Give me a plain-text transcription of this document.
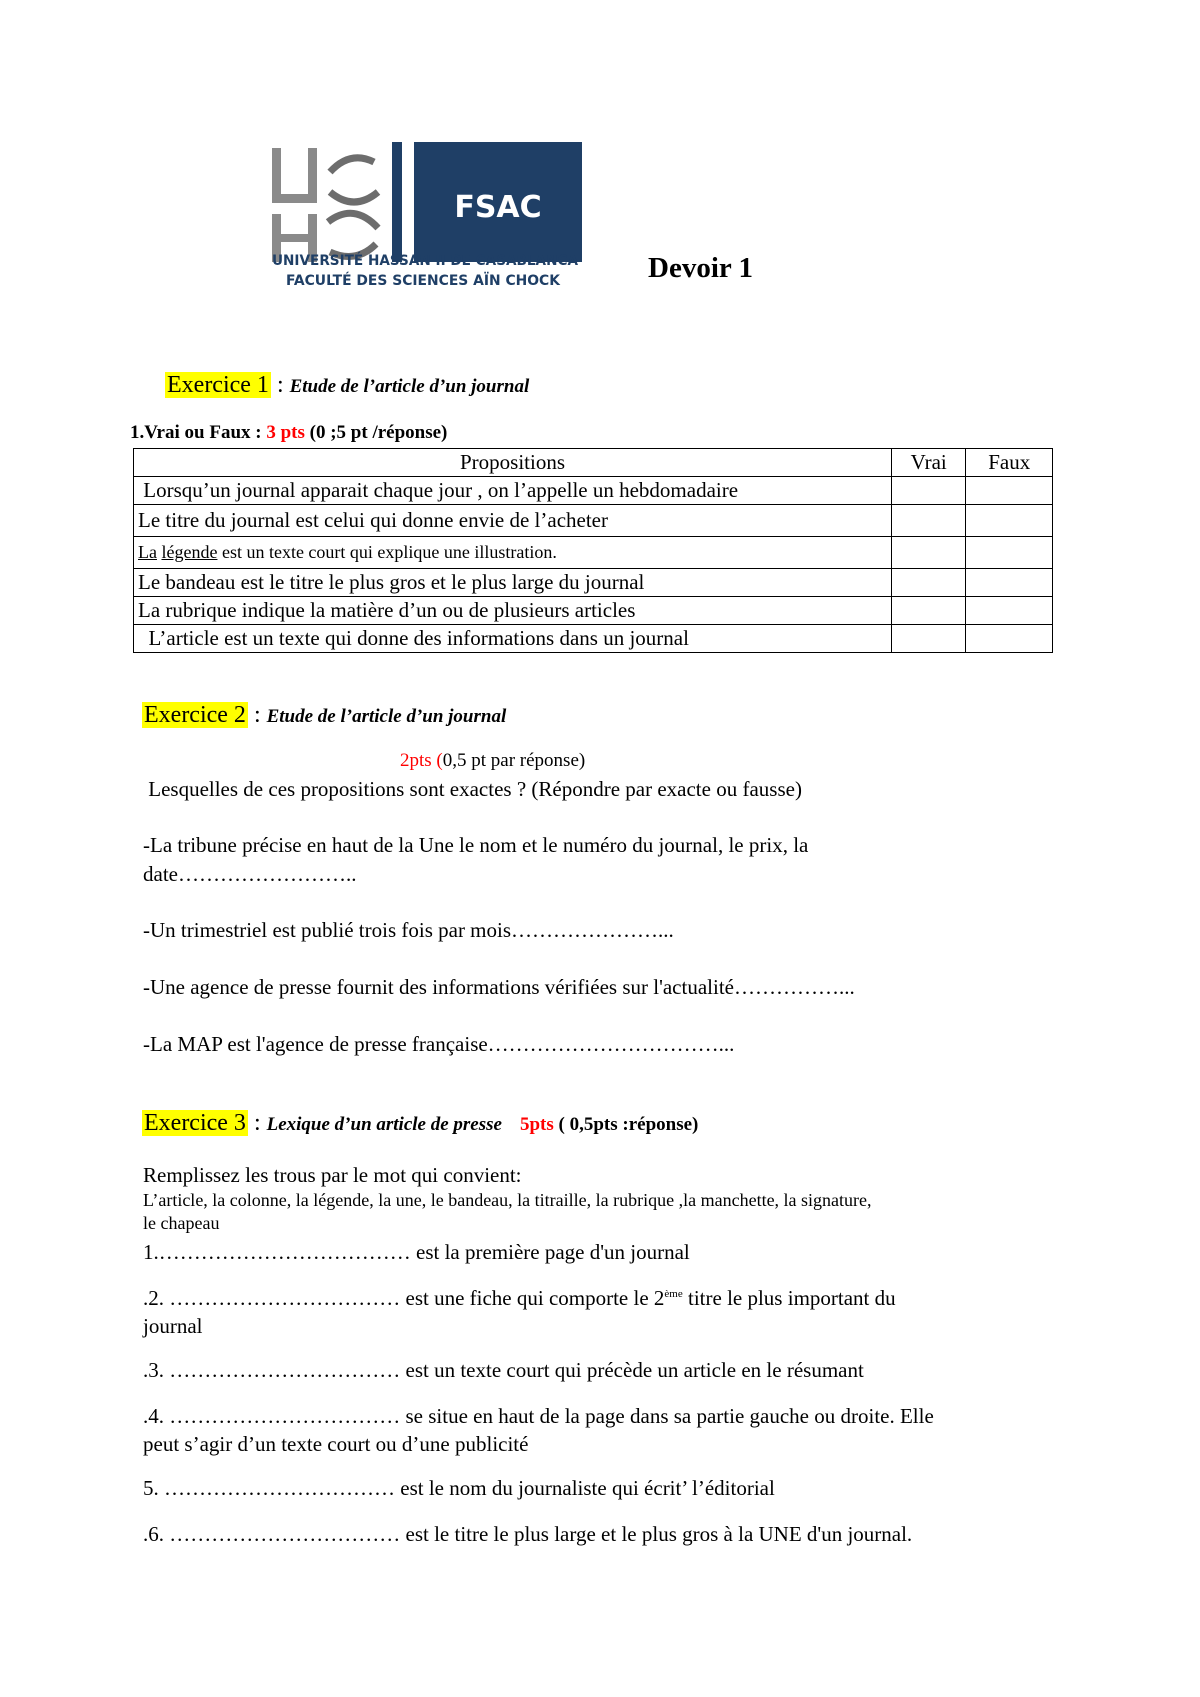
FSAC
UNIVERSITÉ HASSAN II DE CASABLANCA
FACULTÉ DES SCIENCES AÏN CHOCK	Devoir 1
Exercice 1 : Etude de l’article d’un journal
1.Vrai ou Faux : 3 pts (0 ;5 pt /réponse)
Propositions	Vrai	Faux
Lorsqu’un journal apparait chaque jour , on l’appelle un hebdomadaire		
Le titre du journal est celui qui donne envie de l’acheter		
La légende est un texte court qui explique une illustration.		
Le bandeau est le titre le plus gros et le plus large du journal		
La rubrique indique la matière d’un ou de plusieurs articles		
L’article est un texte qui donne des informations dans un journal		
Exercice 2 : Etude de l’article d’un journal
2pts (0,5 pt par réponse)
Lesquelles de ces propositions sont exactes ? (Répondre par exacte ou fausse)
-La tribune précise en haut de la Une le nom et le numéro du journal, le prix, la
date……………………..
-Un trimestriel est publié trois fois par mois…………………...
-Une agence de presse fournit des informations vérifiées sur l'actualité……………...
-La MAP est l'agence de presse française……………………………...
Exercice 3 : Lexique d’un article de presse 5pts ( 0,5pts :réponse)
Remplissez les trous par le mot qui convient:
L’article, la colonne, la légende, la une, le bandeau, la titraille, la rubrique ,la manchette, la signature,
le chapeau
1.……………………………… est la première page d'un journal
.2. …………………………… est une fiche qui comporte le 2ème titre le plus important du
journal
.3. …………………………… est un texte court qui précède un article en le résumant
.4. …………………………… se situe en haut de la page dans sa partie gauche ou droite. Elle
peut s’agir d’un texte court ou d’une publicité
5. …………………………… est le nom du journaliste qui écrit’ l’éditorial
.6. …………………………… est le titre le plus large et le plus gros à la UNE d'un journal.
